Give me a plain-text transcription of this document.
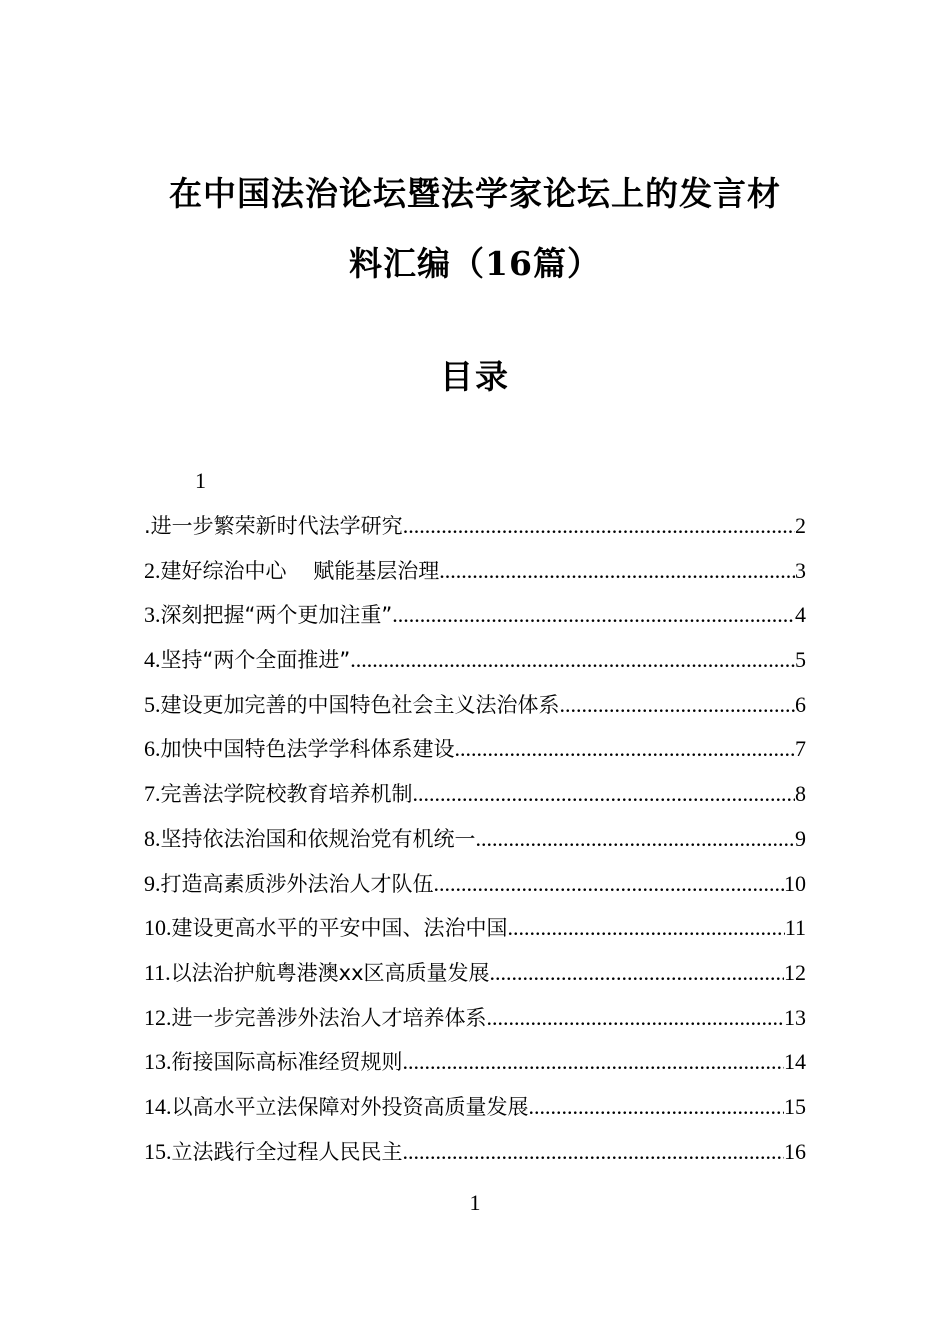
在中国法治论坛暨法学家论坛上的发言材
料汇编（16篇）
目录
1
.进一步繁荣新时代法学研究 .....	2
2.建好综治中心    赋能基层治理 .....	3
3.深刻把握“两个更加注重” .....	4
4.坚持“两个全面推进” .....	5
5.建设更加完善的中国特色社会主义法治体系 .....	6
6.加快中国特色法学学科体系建设 .....	7
7.完善法学院校教育培养机制 .....	8
8.坚持依法治国和依规治党有机统一 .....	9
9.打造高素质涉外法治人才队伍 .....	10
10.建设更高水平的平安中国、法治中国 .....	11
11.以法治护航粤港澳xx区高质量发展 .....	12
12.进一步完善涉外法治人才培养体系 .....	13
13.衔接国际高标准经贸规则 .....	14
14.以高水平立法保障对外投资高质量发展 .....	15
15.立法践行全过程人民民主 .....	16
1
